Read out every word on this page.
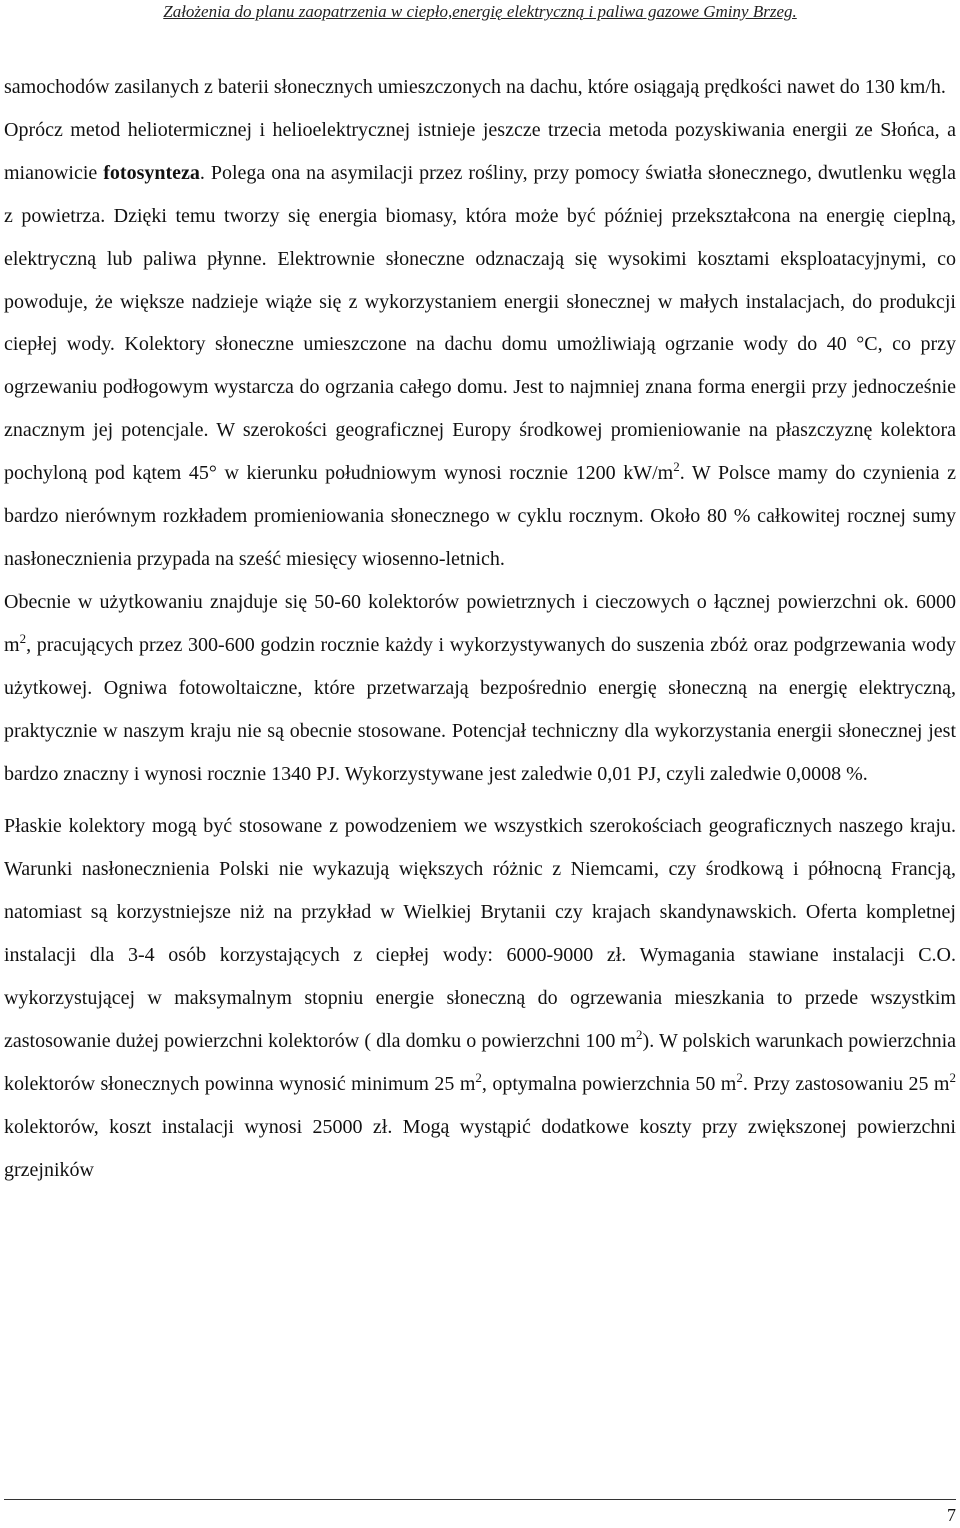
Założenia do planu zaopatrzenia w ciepło,energię elektryczną i paliwa gazowe Gminy Brzeg.

samochodów zasilanych z baterii słonecznych umieszczonych na dachu, które osiągają prędkości nawet do 130 km/h.

Oprócz metod heliotermicznej i helioelektrycznej istnieje jeszcze trzecia metoda pozyskiwania energii ze Słońca, a mianowicie fotosynteza. Polega ona na asymilacji przez rośliny, przy pomocy światła słonecznego, dwutlenku węgla z powietrza. Dzięki temu tworzy się energia biomasy, która może być później przekształcona na energię cieplną, elektryczną lub paliwa płynne. Elektrownie słoneczne odznaczają się wysokimi kosztami eksploatacyjnymi, co powoduje, że większe nadzieje wiąże się z wykorzystaniem energii słonecznej w małych instalacjach, do produkcji ciepłej wody. Kolektory słoneczne umieszczone na dachu domu umożliwiają ogrzanie wody do 40 °C, co przy ogrzewaniu podłogowym wystarcza do ogrzania całego domu. Jest to najmniej znana forma energii przy jednocześnie znacznym jej potencjale. W szerokości geograficznej Europy środkowej promieniowanie na płaszczyznę kolektora pochyloną pod kątem 45° w kierunku południowym wynosi rocznie 1200 $kW/m^2$. W Polsce mamy do czynienia z bardzo nierównym rozkładem promieniowania słonecznego w cyklu rocznym. Około 80 % całkowitej rocznej sumy nasłonecznienia przypada na sześć miesięcy wiosenno-letnich.

Obecnie w użytkowaniu znajduje się 50-60 kolektorów powietrznych i cieczowych o łącznej powierzchni ok. 6000 $m^2$, pracujących przez 300-600 godzin rocznie każdy i wykorzystywanych do suszenia zbóż oraz podgrzewania wody użytkowej. Ogniwa fotowoltaiczne, które przetwarzają bezpośrednio energię słoneczną na energię elektryczną, praktycznie w naszym kraju nie są obecnie stosowane. Potencjał techniczny dla wykorzystania energii słonecznej jest bardzo znaczny i wynosi rocznie 1340 PJ. Wykorzystywane jest zaledwie 0,01 PJ, czyli zaledwie 0,0008 %.

Płaskie kolektory mogą być stosowane z powodzeniem we wszystkich szerokościach geograficznych naszego kraju. Warunki nasłonecznienia Polski nie wykazują większych różnic z Niemcami, czy środkową i północną Francją, natomiast są korzystniejsze niż na przykład w Wielkiej Brytanii czy krajach skandynawskich. Oferta kompletnej instalacji dla 3-4 osób korzystających z ciepłej wody: 6000-9000 zł. Wymagania stawiane instalacji C.O. wykorzystującej w maksymalnym stopniu energie słoneczną do ogrzewania mieszkania to przede wszystkim zastosowanie dużej powierzchni kolektorów ( dla domku o powierzchni 100 $m^2$). W polskich warunkach powierzchnia kolektorów słonecznych powinna wynosić minimum 25 $m^2$, optymalna powierzchnia 50 $m^2$. Przy zastosowaniu 25 $m^2$ kolektorów, koszt instalacji wynosi 25000 zł. Mogą wystąpić dodatkowe koszty przy zwiększonej powierzchni grzejników

7
